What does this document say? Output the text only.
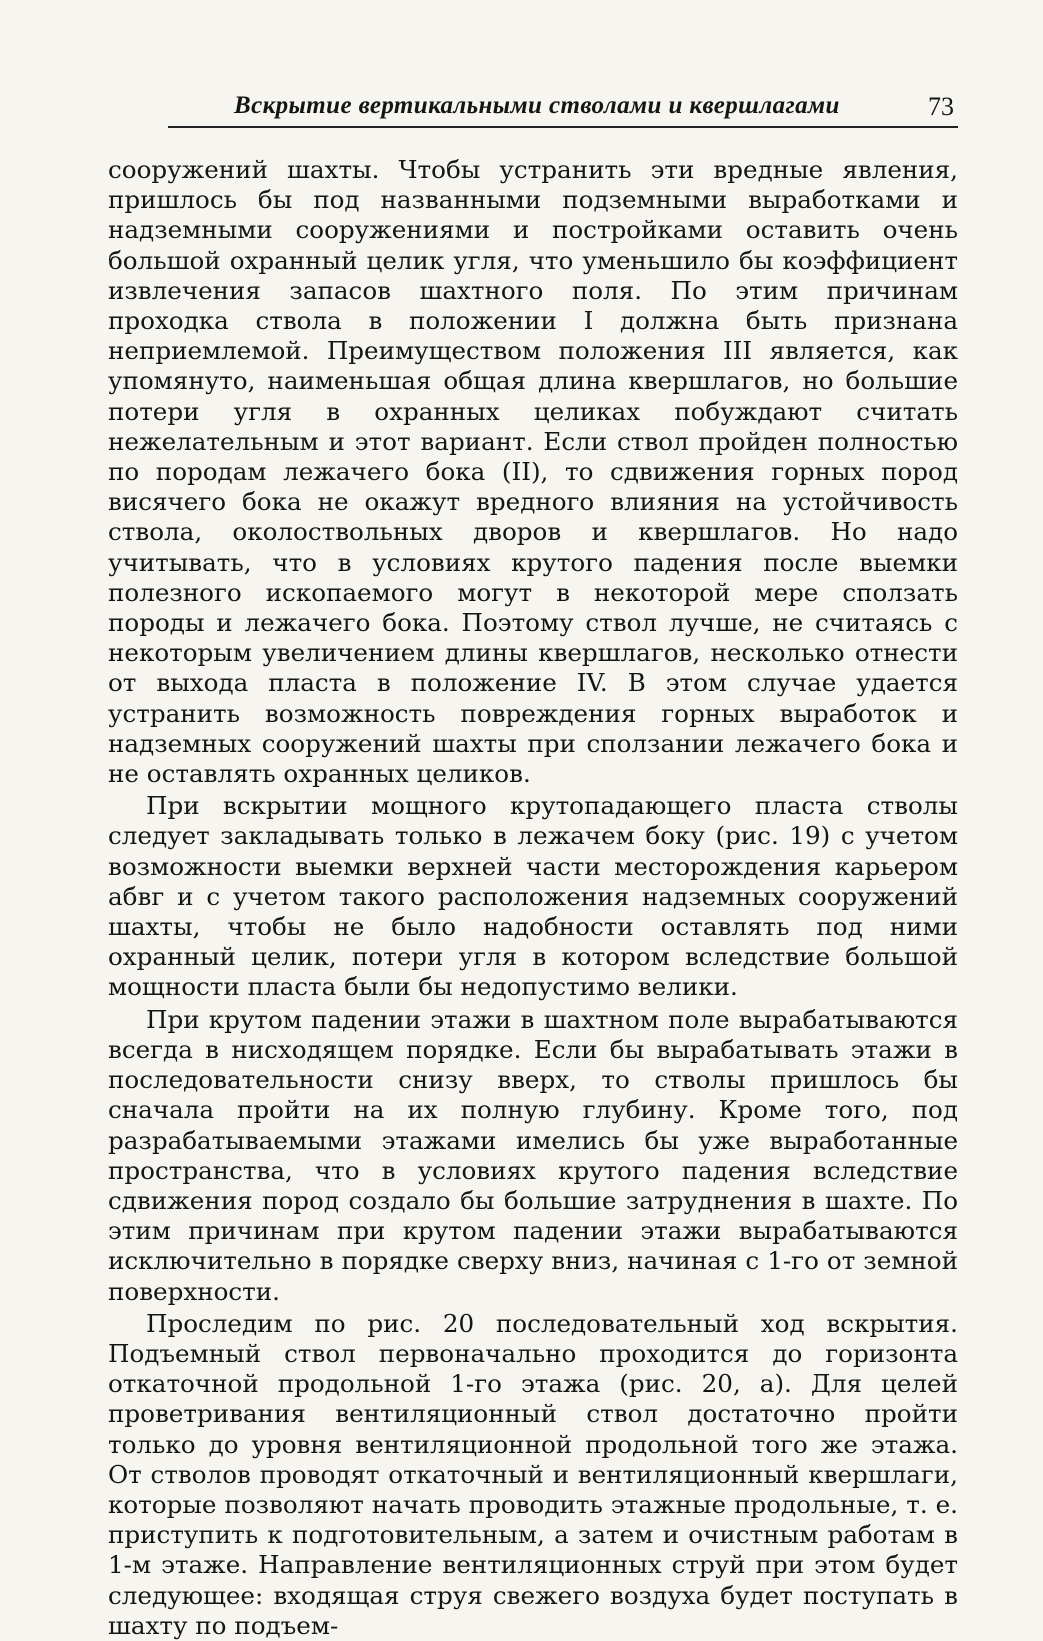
Вскрытие вертикальными стволами и квершлагами	73

сооружений шахты. Чтобы устранить эти вредные явления, пришлось бы под названными подземными выработками и надземными сооружениями и постройками оставить очень большой охранный целик угля, что уменьшило бы коэффициент извлечения запасов шахтного поля. По этим причинам проходка ствола в положении I должна быть признана неприемлемой. Преимуществом положения III является, как упомянуто, наименьшая общая длина квершлагов, но большие потери угля в охранных целиках побуждают считать нежелательным и этот вариант. Если ствол пройден полностью по породам лежачего бока (II), то сдвижения горных пород висячего бока не окажут вредного влияния на устойчивость ствола, околоствольных дворов и квершлагов. Но надо учитывать, что в условиях крутого падения после выемки полезного ископаемого могут в некоторой мере сползать породы и лежачего бока. Поэтому ствол лучше, не считаясь с некоторым увеличением длины квершлагов, несколько отнести от выхода пласта в положение IV. В этом случае удается устранить возможность повреждения горных выработок и надземных сооружений шахты при сползании лежачего бока и не оставлять охранных целиков.

При вскрытии мощного крутопадающего пласта стволы следует закладывать только в лежачем боку (рис. 19) с учетом возможности выемки верхней части месторождения карьером абвг и с учетом такого расположения надземных сооружений шахты, чтобы не было надобности оставлять под ними охранный целик, потери угля в котором вследствие большой мощности пласта были бы недопустимо велики.

При крутом падении этажи в шахтном поле вырабатываются всегда в нисходящем порядке. Если бы вырабатывать этажи в последовательности снизу вверх, то стволы пришлось бы сначала пройти на их полную глубину. Кроме того, под разрабатываемыми этажами имелись бы уже выработанные пространства, что в условиях крутого падения вследствие сдвижения пород создало бы большие затруднения в шахте. По этим причинам при крутом падении этажи вырабатываются исключительно в порядке сверху вниз, начиная с 1-го от земной поверхности.

Проследим по рис. 20 последовательный ход вскрытия. Подъемный ствол первоначально проходится до горизонта откаточной продольной 1-го этажа (рис. 20, а). Для целей проветривания вентиляционный ствол достаточно пройти только до уровня вентиляционной продольной того же этажа. От стволов проводят откаточный и вентиляционный квершлаги, которые позволяют начать проводить этажные продольные, т. е. приступить к подготовительным, а затем и очистным работам в 1-м этаже. Направление вентиляционных струй при этом будет следующее: входящая струя свежего воздуха будет поступать в шахту по подъем-
